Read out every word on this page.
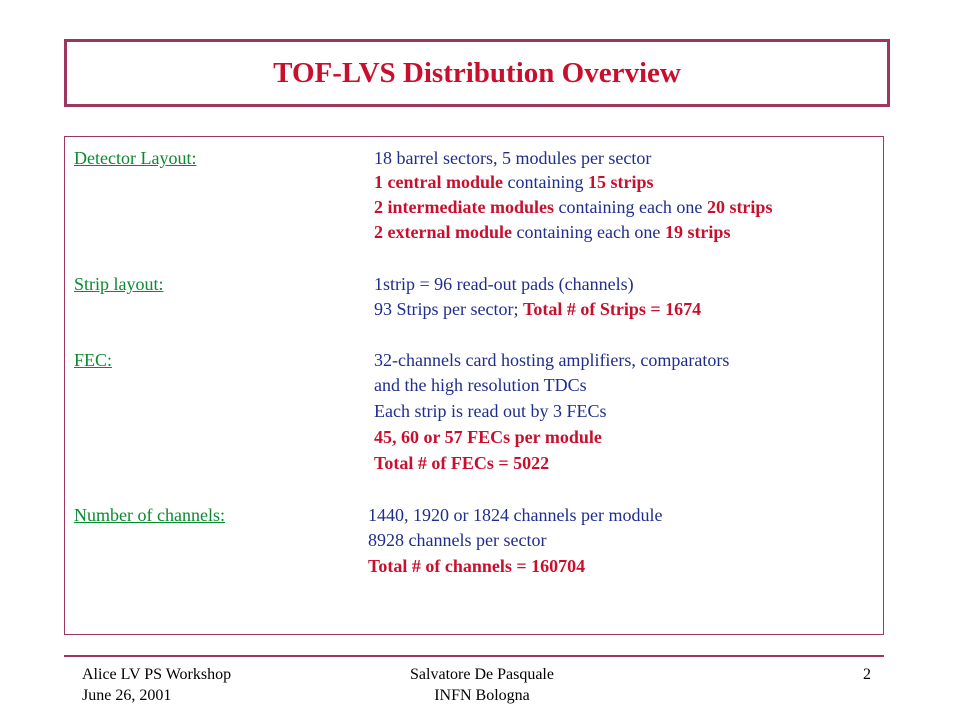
TOF-LVS Distribution Overview
Detector Layout:	18 barrel sectors, 5 modules per sector
1 central module containing 15 strips
2 intermediate modules containing each one 20 strips
2 external module containing each one 19 strips
Strip layout:	1strip = 96 read-out pads (channels)
93 Strips per sector; Total # of Strips = 1674
FEC:	32-channels card hosting amplifiers, comparators
and the high resolution TDCs
Each strip is read out by 3 FECs
45, 60 or 57 FECs per module
Total # of FECs = 5022
Number of channels:	1440, 1920 or 1824 channels per module
8928 channels per sector
Total # of channels = 160704
Alice LV PS Workshop
June 26, 2001
Salvatore De Pasquale
INFN Bologna
2
